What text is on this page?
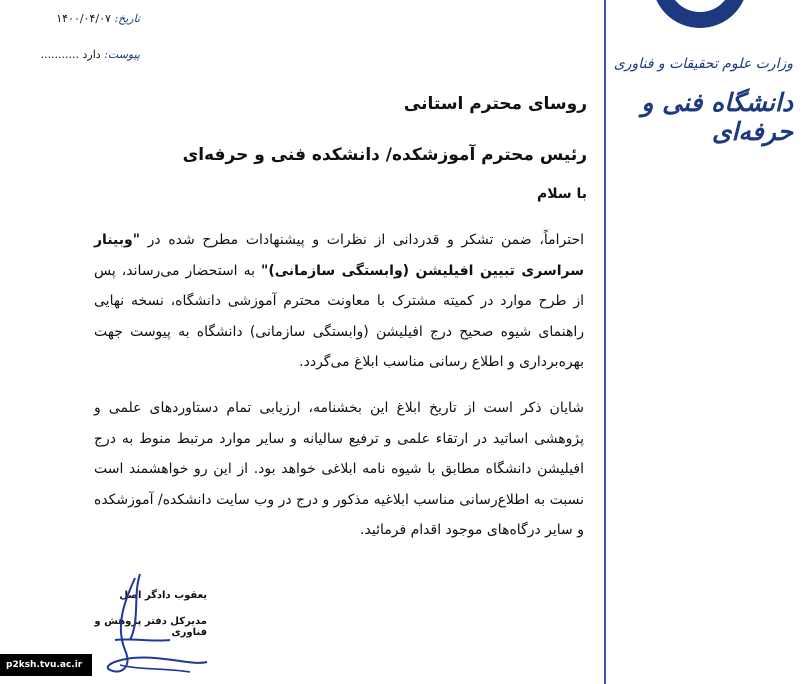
وزارت علوم تحقیقات و فناوری
دانشگاه فنی و حرفه‌ای
تاریخ: ۱۴۰۰/۰۴/۰۷
پیوست: دارد ...........
روسای محترم استانی
رئیس محترم آموزشکده/ دانشکده فنی و حرفه‌ای
با سلام
احتراماً، ضمن تشکر و قدردانی از نظرات و پیشنهادات مطرح شده در "وبینار سراسری تبیین افیلیشن (وابستگی سازمانی)" به استحضار می‌رساند، پس از طرح موارد در کمیته مشترک با معاونت محترم آموزشی دانشگاه، نسخه نهایی راهنمای شیوه صحیح درج افیلیشن (وابستگی سازمانی) دانشگاه به پیوست جهت بهره‌برداری و اطلاع رسانی مناسب ابلاغ می‌گردد.
شایان ذکر است از تاریخ ابلاغ این بخشنامه، ارزیابی تمام دستاوردهای علمی و پژوهشی اساتید در ارتقاء علمی و ترفیع سالیانه و سایر موارد مرتبط منوط به درج افیلیشن دانشگاه مطابق با شیوه نامه ابلاغی خواهد بود. از این رو خواهشمند است نسبت به اطلاع‌رسانی مناسب ابلاغیه مذکور و درج در وب سایت دانشکده/ آموزشکده و سایر درگاه‌های موجود اقدام فرمائید.
یعقوب دادگر اصل
مدیرکل دفتر پژوهش و فناوری
p2ksh.tvu.ac.ir
